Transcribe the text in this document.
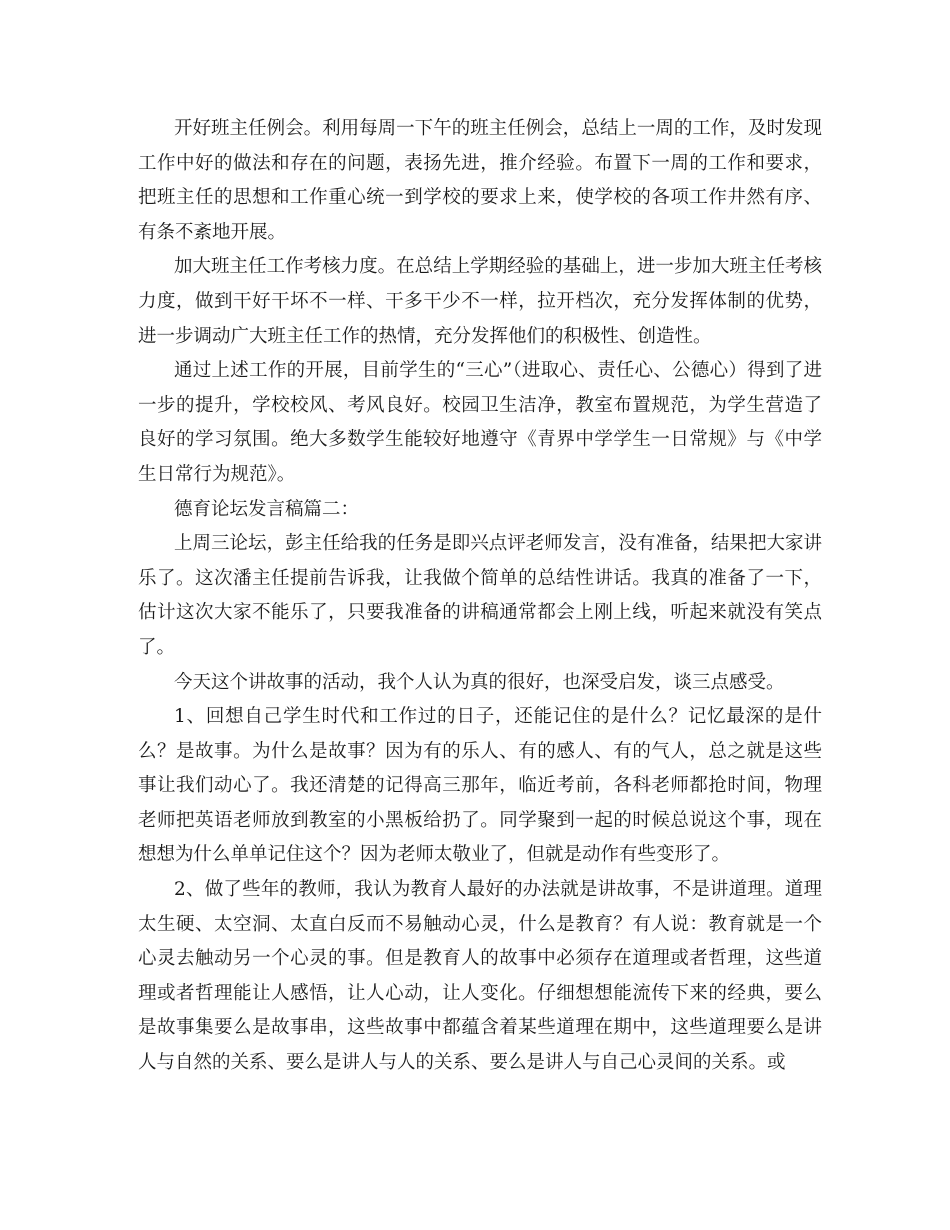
开好班主任例会。利用每周一下午的班主任例会，总结上一周的工作，及时发现工作中好的做法和存在的问题，表扬先进，推介经验。布置下一周的工作和要求，把班主任的思想和工作重心统一到学校的要求上来，使学校的各项工作井然有序、有条不紊地开展。

加大班主任工作考核力度。在总结上学期经验的基础上，进一步加大班主任考核力度，做到干好干坏不一样、干多干少不一样，拉开档次，充分发挥体制的优势，进一步调动广大班主任工作的热情，充分发挥他们的积极性、创造性。

通过上述工作的开展，目前学生的“三心”（进取心、责任心、公德心）得到了进一步的提升，学校校风、考风良好。校园卫生洁净，教室布置规范，为学生营造了良好的学习氛围。绝大多数学生能较好地遵守《青界中学学生一日常规》与《中学生日常行为规范》。

德育论坛发言稿篇二：

上周三论坛，彭主任给我的任务是即兴点评老师发言，没有准备，结果把大家讲乐了。这次潘主任提前告诉我，让我做个简单的总结性讲话。我真的准备了一下，估计这次大家不能乐了，只要我准备的讲稿通常都会上刚上线，听起来就没有笑点了。

今天这个讲故事的活动，我个人认为真的很好，也深受启发，谈三点感受。

1、回想自己学生时代和工作过的日子，还能记住的是什么？记忆最深的是什么？是故事。为什么是故事？因为有的乐人、有的感人、有的气人，总之就是这些事让我们动心了。我还清楚的记得高三那年，临近考前，各科老师都抢时间，物理老师把英语老师放到教室的小黑板给扔了。同学聚到一起的时候总说这个事，现在想想为什么单单记住这个？因为老师太敬业了，但就是动作有些变形了。

2、做了些年的教师，我认为教育人最好的办法就是讲故事，不是讲道理。道理太生硬、太空洞、太直白反而不易触动心灵，什么是教育？有人说：教育就是一个心灵去触动另一个心灵的事。但是教育人的故事中必须存在道理或者哲理，这些道理或者哲理能让人感悟，让人心动，让人变化。仔细想想能流传下来的经典，要么是故事集要么是故事串，这些故事中都蕴含着某些道理在期中，这些道理要么是讲人与自然的关系、要么是讲人与人的关系、要么是讲人与自己心灵间的关系。或
